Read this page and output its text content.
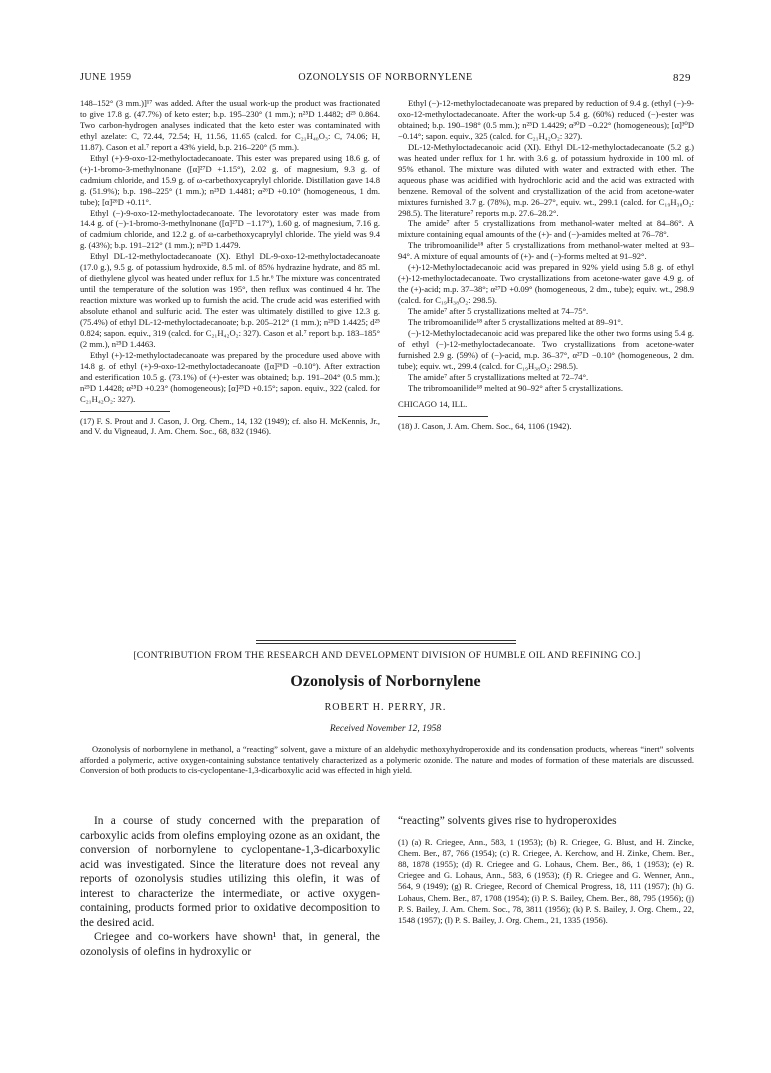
JUNE 1959	OZONOLYSIS OF NORBORNYLENE	829

148–152° (3 mm.)]¹⁷ was added. After the usual work-up the product was fractionated to give 17.8 g. (47.7%) of keto ester; b.p. 195–230° (1 mm.); n²⁵D 1.4482; d²⁵ 0.864. Two carbon-hydrogen analyses indicated that the keto ester was contaminated with ethyl azelate: C, 72.44, 72.54; H, 11.56, 11.65 (calcd. for C₂₁H₄₀O₃: C, 74.06; H, 11.87). Cason et al.⁷ report a 43% yield, b.p. 216–220° (5 mm.).

Ethyl (+)-9-oxo-12-methyloctadecanoate. This ester was prepared using 18.6 g. of (+)-1-bromo-3-methylnonane ([α]²⁷D +1.15°), 2.02 g. of magnesium, 9.3 g. of cadmium chloride, and 15.9 g. of ω-carbethoxycaprylyl chloride. Distillation gave 14.8 g. (51.9%); b.p. 198–225° (1 mm.); n²⁵D 1.4481; α²⁶D +0.10° (homogeneous, 1 dm. tube); [α]²⁶D +0.11°.

Ethyl (−)-9-oxo-12-methyloctadecanoate. The levorotatory ester was made from 14.4 g. of (−)-1-bromo-3-methylnonane ([α]²⁷D −1.17°), 1.60 g. of magnesium, 7.16 g. of cadmium chloride, and 12.2 g. of ω-carbethoxycaprylyl chloride. The yield was 9.4 g. (43%); b.p. 191–212° (1 mm.); n²⁵D 1.4479.

Ethyl DL-12-methyloctadecanoate (X). Ethyl DL-9-oxo-12-methyloctadecanoate (17.0 g.), 9.5 g. of potassium hydroxide, 8.5 ml. of 85% hydrazine hydrate, and 85 ml. of diethylene glycol was heated under reflux for 1.5 hr.⁶ The mixture was concentrated until the temperature of the solution was 195°, then reflux was continued 4 hr. The reaction mixture was worked up to furnish the acid. The crude acid was esterified with absolute ethanol and sulfuric acid. The ester was ultimately distilled to give 12.3 g. (75.4%) of ethyl DL-12-methyloctadecanoate; b.p. 205–212° (1 mm.); n²⁵D 1.4425; d²⁵ 0.824; sapon. equiv., 319 (calcd. for C₂₁H₄₂O₂: 327). Cason et al.⁷ report b.p. 183–185° (2 mm.), n²⁵D 1.4463.

Ethyl (+)-12-methyloctadecanoate was prepared by the procedure used above with 14.8 g. of ethyl (+)-9-oxo-12-methyloctadecanoate ([α]²⁶D −0.10°). After extraction and esterification 10.5 g. (73.1%) of (+)-ester was obtained; b.p. 191–204° (0.5 mm.); n²⁵D 1.4428; α²⁵D +0.23° (homogeneous); [α]²⁵D +0.15°; sapon. equiv., 322 (calcd. for C₂₁H₄₂O₂: 327).

(17) F. S. Prout and J. Cason, J. Org. Chem., 14, 132 (1949); cf. also H. McKennis, Jr., and V. du Vigneaud, J. Am. Chem. Soc., 68, 832 (1946).

Ethyl (−)-12-methyloctadecanoate was prepared by reduction of 9.4 g. (ethyl (−)-9-oxo-12-methyloctadecanoate. After the work-up 5.4 g. (60%) reduced (−)-ester was obtained; b.p. 190–198° (0.5 mm.); n²⁵D 1.4429; α³⁰D −0.22° (homogeneous); [α]³⁰D −0.14°; sapon. equiv., 325 (calcd. for C₂₁H₄₂O₂: 327).

DL-12-Methyloctadecanoic acid (XI). Ethyl DL-12-methyloctadecanoate (5.2 g.) was heated under reflux for 1 hr. with 3.6 g. of potassium hydroxide in 100 ml. of 95% ethanol. The mixture was diluted with water and extracted with ether. The aqueous phase was acidified with hydrochloric acid and the acid was extracted with benzene. Removal of the solvent and crystallization of the acid from acetone-water mixtures furnished 3.7 g. (78%), m.p. 26–27°, equiv. wt., 299.1 (calcd. for C₁₉H₃₈O₂: 298.5). The literature⁷ reports m.p. 27.6–28.2°.

The amide⁷ after 5 crystallizations from methanol-water melted at 84–86°. A mixture containing equal amounts of the (+)- and (−)-amides melted at 76–78°.

The tribromoanilide¹⁸ after 5 crystallizations from methanol-water melted at 93–94°. A mixture of equal amounts of (+)- and (−)-forms melted at 91–92°.

(+)-12-Methyloctadecanoic acid was prepared in 92% yield using 5.8 g. of ethyl (+)-12-methyloctadecanoate. Two crystallizations from acetone-water gave 4.9 g. of the (+)-acid; m.p. 37–38°; α²⁷D +0.09° (homogeneous, 2 dm., tube); equiv. wt., 298.9 (calcd. for C₁₉H₃₈O₂: 298.5).

The amide⁷ after 5 crystallizations melted at 74–75°.

The tribromoanilide¹⁸ after 5 crystallizations melted at 89–91°.

(−)-12-Methyloctadecanoic acid was prepared like the other two forms using 5.4 g. of ethyl (−)-12-methyloctadecanoate. Two crystallizations from acetone-water furnished 2.9 g. (59%) of (−)-acid, m.p. 36–37°, α²⁷D −0.10° (homogeneous, 2 dm. tube); equiv. wt., 299.4 (calcd. for C₁₉H₃₈O₂: 298.5).

The amide⁷ after 5 crystallizations melted at 72–74°.

The tribromoanilide¹⁸ melted at 90–92° after 5 crystallizations.

CHICAGO 14, ILL.

(18) J. Cason, J. Am. Chem. Soc., 64, 1106 (1942).

[CONTRIBUTION FROM THE RESEARCH AND DEVELOPMENT DIVISION OF HUMBLE OIL AND REFINING CO.]
Ozonolysis of Norbornylene
ROBERT H. PERRY, JR.
Received November 12, 1958

Ozonolysis of norbornylene in methanol, a “reacting” solvent, gave a mixture of an aldehydic methoxyhydroperoxide and its condensation products, whereas “inert” solvents afforded a polymeric, active oxygen-containing substance tentatively characterized as a polymeric ozonide. The nature and modes of formation of these materials are discussed. Conversion of both products to cis-cyclopentane-1,3-dicarboxylic acid was effected in high yield.

In a course of study concerned with the preparation of carboxylic acids from olefins employing ozone as an oxidant, the conversion of norbornylene to cyclopentane-1,3-dicarboxylic acid was investigated. Since the literature does not reveal any reports of ozonolysis studies utilizing this olefin, it was of interest to characterize the intermediate, or active oxygen-containing, products formed prior to oxidative decomposition to the desired acid.

Criegee and co-workers have shown¹ that, in general, the ozonolysis of olefins in hydroxylic or

“reacting” solvents gives rise to hydroperoxides

(1) (a) R. Criegee, Ann., 583, 1 (1953); (b) R. Criegee, G. Blust, and H. Zincke, Chem. Ber., 87, 766 (1954); (c) R. Criegee, A. Kerchow, and H. Zinke, Chem. Ber., 88, 1878 (1955); (d) R. Criegee and G. Lohaus, Chem. Ber., 86, 1 (1953); (e) R. Criegee and G. Lohaus, Ann., 583, 6 (1953); (f) R. Criegee and G. Wenner, Ann., 564, 9 (1949); (g) R. Criegee, Record of Chemical Progress, 18, 111 (1957); (h) G. Lohaus, Chem. Ber., 87, 1708 (1954); (i) P. S. Bailey, Chem. Ber., 88, 795 (1956); (j) P. S. Bailey, J. Am. Chem. Soc., 78, 3811 (1956); (k) P. S. Bailey, J. Org. Chem., 22, 1548 (1957); (l) P. S. Bailey, J. Org. Chem., 21, 1335 (1956).
